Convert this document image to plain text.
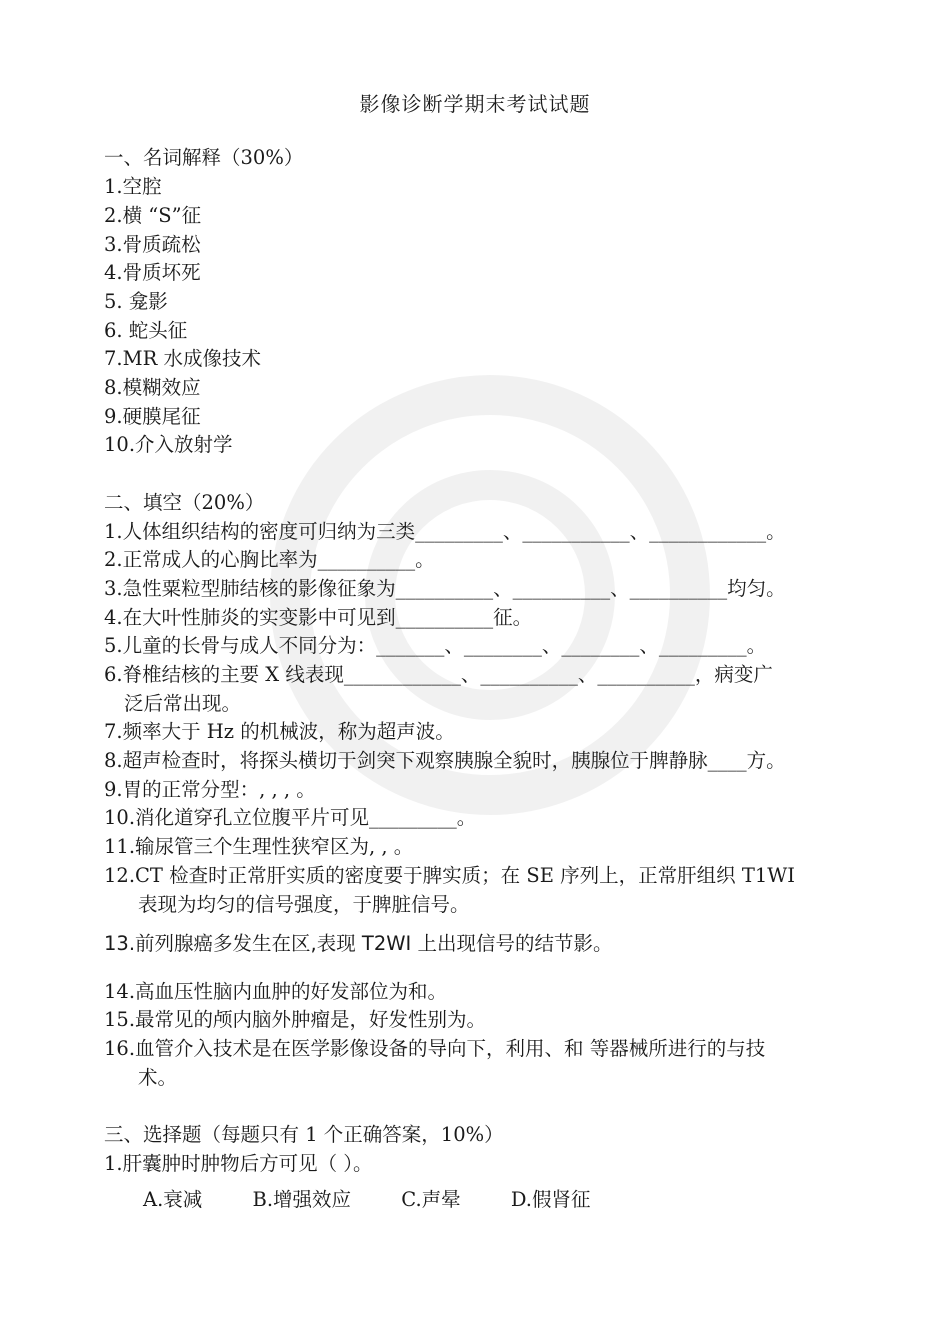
影像诊断学期末考试试题
一、名词解释（30%）
1.空腔
2.横 “S”征
3.骨质疏松
4.骨质坏死
5. 龛影
6. 蛇头征
7.MR 水成像技术
8.模糊效应
9.硬膜尾征
10.介入放射学
二、填空（20%）
1.人体组织结构的密度可归纳为三类_________、___________、____________。
2.正常成人的心胸比率为__________。
3.急性粟粒型肺结核的影像征象为__________、__________、__________均匀。
4.在大叶性肺炎的实变影中可见到__________征。
5.儿童的长骨与成人不同分为：_______、________、________、_________。
6.脊椎结核的主要 X 线表现____________、__________、__________，病变广
泛后常出现。
7.频率大于 Hz 的机械波，称为超声波。
8.超声检查时，将探头横切于剑突下观察胰腺全貌时，胰腺位于脾静脉____方。
9.胃的正常分型：, , , 。
10.消化道穿孔立位腹平片可见_________。
11.输尿管三个生理性狭窄区为, , 。
12.CT 检查时正常肝实质的密度要于脾实质；在 SE 序列上，正常肝组织 T1WI
表现为均匀的信号强度，于脾脏信号。
13.前列腺癌多发生在区,表现 T2WI 上出现信号的结节影。
14.高血压性脑内血肿的好发部位为和。
15.最常见的颅内脑外肿瘤是，好发性别为。
16.血管介入技术是在医学影像设备的导向下，利用、和 等器械所进行的与技
术。
三、选择题（每题只有 1 个正确答案，10%）
1.肝囊肿时肿物后方可见（ ）。
A.衰减	B.增强效应	C.声晕	D.假肾征
